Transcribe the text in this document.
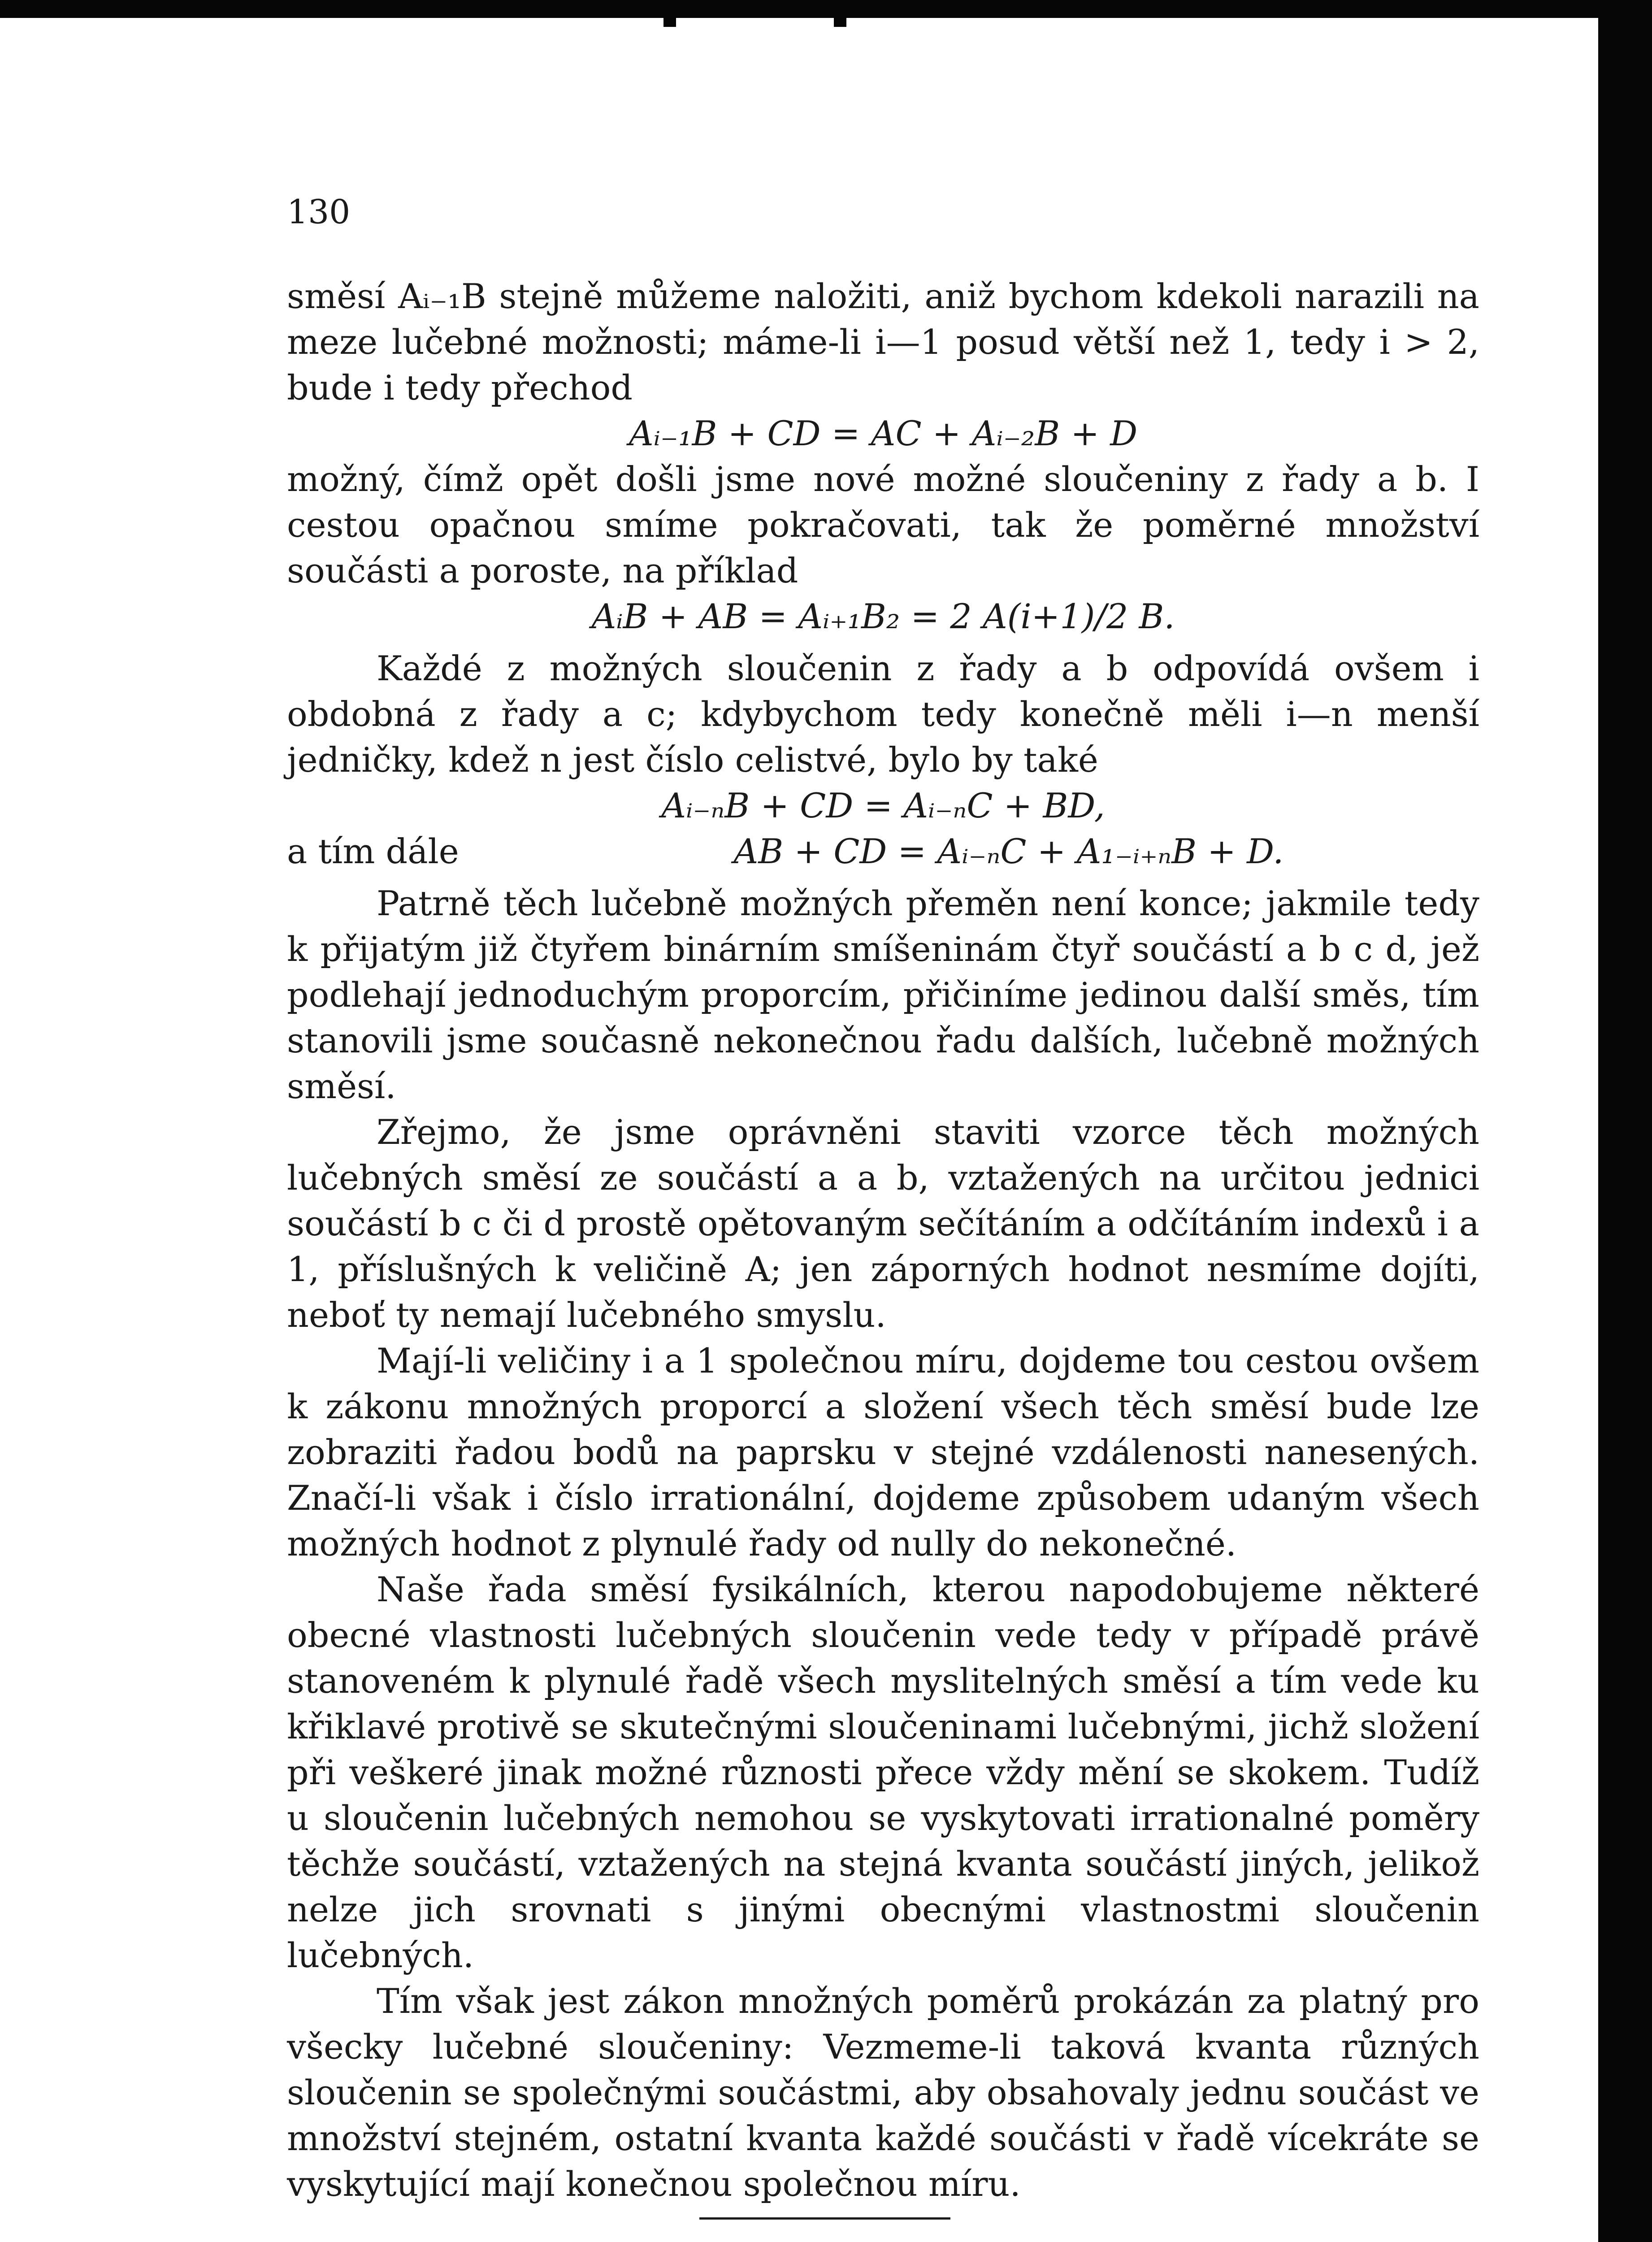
130

směsí Aᵢ₋₁B stejně můžeme naložiti, aniž bychom kdekoli narazili na meze lučebné možnosti; máme-li i—1 posud větší než 1, tedy i > 2, bude i tedy přechod

Aᵢ₋₁B + CD = AC + Aᵢ₋₂B + D

možný, čímž opět došli jsme nové možné sloučeniny z řady a b. I cestou opačnou smíme pokračovati, tak že poměrné množství součásti a poroste, na příklad

AᵢB + AB = Aᵢ₊₁B₂ = 2 A(i+1)/2 B.

Každé z možných sloučenin z řady a b odpovídá ovšem i obdobná z řady a c; kdybychom tedy konečně měli i—n menší jedničky, kdež n jest číslo celistvé, bylo by také

Aᵢ₋ₙB + CD = Aᵢ₋ₙC + BD,

a tím dále	AB + CD = Aᵢ₋ₙC + A₁₋ᵢ₊ₙB + D.

Patrně těch lučebně možných přeměn není konce; jakmile tedy k přijatým již čtyřem binárním smíšeninám čtyř součástí a b c d, jež podlehají jednoduchým proporcím, přičiníme jedinou další směs, tím stanovili jsme současně nekonečnou řadu dalších, lučebně možných směsí.

Zřejmo, že jsme oprávněni staviti vzorce těch možných lučebných směsí ze součástí a a b, vztažených na určitou jednici součástí b c či d prostě opětovaným sečítáním a odčítáním indexů i a 1, příslušných k veličině A; jen záporných hodnot nesmíme dojíti, neboť ty nemají lučebného smyslu.

Mají-li veličiny i a 1 společnou míru, dojdeme tou cestou ovšem k zákonu množných proporcí a složení všech těch směsí bude lze zobraziti řadou bodů na paprsku v stejné vzdálenosti nanesených. Značí-li však i číslo irrationální, dojdeme způsobem udaným všech možných hodnot z plynulé řady od nully do nekonečné.

Naše řada směsí fysikálních, kterou napodobujeme některé obecné vlastnosti lučebných sloučenin vede tedy v případě právě stanoveném k plynulé řadě všech myslitelných směsí a tím vede ku křiklavé protivě se skutečnými sloučeninami lučebnými, jichž složení při veškeré jinak možné různosti přece vždy mění se skokem. Tudíž u sloučenin lučebných nemohou se vyskytovati irrationalné poměry těchže součástí, vztažených na stejná kvanta součástí jiných, jelikož nelze jich srovnati s jinými obecnými vlastnostmi sloučenin lučebných.

Tím však jest zákon množných poměrů prokázán za platný pro všecky lučebné sloučeniny: Vezmeme-li taková kvanta různých sloučenin se společnými součástmi, aby obsahovaly jednu součást ve množství stejném, ostatní kvanta každé součásti v řadě vícekráte se vyskytující mají konečnou společnou míru.
